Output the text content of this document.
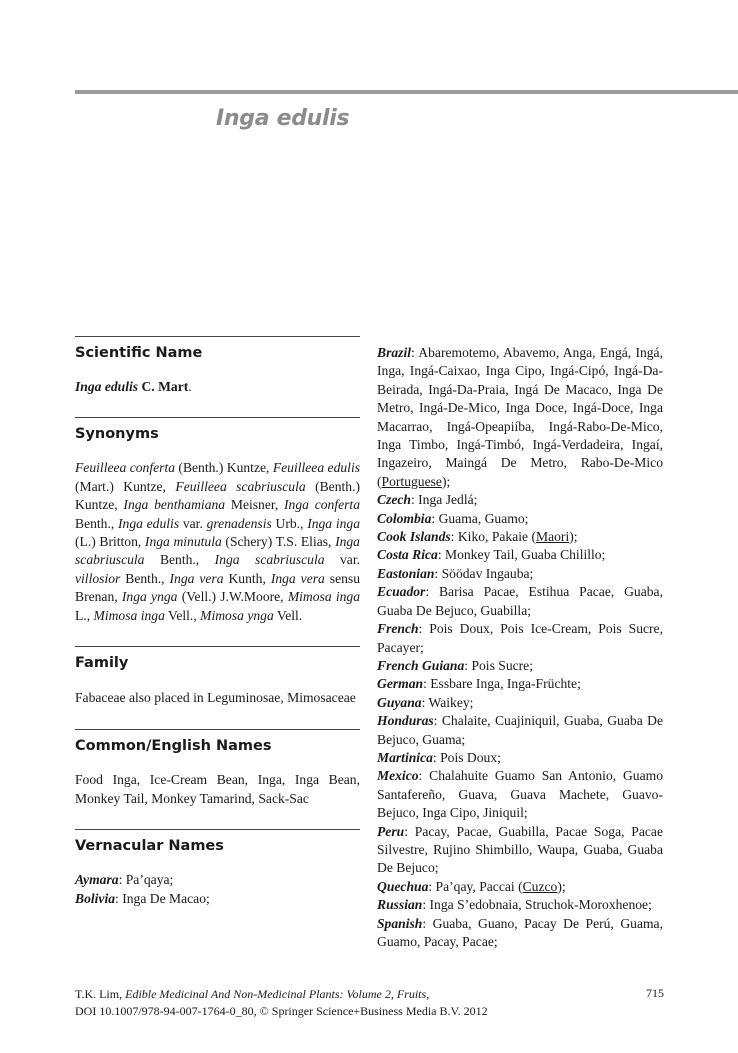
Inga edulis
Scientific Name

Inga edulis C. Mart.

Synonyms

Feuilleea conferta (Benth.) Kuntze, Feuilleea edulis (Mart.) Kuntze, Feuilleea scabriuscula (Benth.) Kuntze, Inga benthamiana Meisner, Inga conferta Benth., Inga edulis var. grenadensis Urb., Inga inga (L.) Britton, Inga minutula (Schery) T.S. Elias, Inga scabriuscula Benth., Inga scabriuscula var. villosior Benth., Inga vera Kunth, Inga vera sensu Brenan, Inga ynga (Vell.) J.W.Moore, Mimosa inga L., Mimosa inga Vell., Mimosa ynga Vell.

Family

Fabaceae also placed in Leguminosae, Mimosaceae

Common/English Names

Food Inga, Ice-Cream Bean, Inga, Inga Bean, Monkey Tail, Monkey Tamarind, Sack-Sac

Vernacular Names

Aymara: Pa’qaya;

Bolivia: Inga De Macao;

Brazil: Abaremotemo, Abavemo, Anga, Engá, Ingá, Inga, Ingá-Caixao, Inga Cipo, Ingá-Cipó, Ingá-Da-Beirada, Ingá-Da-Praia, Ingá De Macaco, Inga De Metro, Ingá-De-Mico, Inga Doce, Ingá-Doce, Inga Macarrao, Ingá-Opeapiíba, Ingá-Rabo-De-Mico, Inga Timbo, Ingá-Timbó, Ingá-Verdadeira, Ingaí, Ingazeiro, Maingá De Metro, Rabo-De-Mico (Portuguese);

Czech: Inga Jedlá;

Colombia: Guama, Guamo;

Cook Islands: Kiko, Pakaie (Maori);

Costa Rica: Monkey Tail, Guaba Chilillo;

Eastonian: Söödav Ingauba;

Ecuador: Barisa Pacae, Estihua Pacae, Guaba, Guaba De Bejuco, Guabilla;

French: Pois Doux, Pois Ice-Cream, Pois Sucre, Pacayer;

French Guiana: Pois Sucre;

German: Essbare Inga, Inga-Früchte;

Guyana: Waikey;

Honduras: Chalaite, Cuajiniquil, Guaba, Guaba De Bejuco, Guama;

Martinica: Pois Doux;

Mexico: Chalahuite Guamo San Antonio, Guamo Santafereño, Guava, Guava Machete, Guavo-Bejuco, Inga Cipo, Jiniquil;

Peru: Pacay, Pacae, Guabilla, Pacae Soga, Pacae Silvestre, Rujino Shimbillo, Waupa, Guaba, Guaba De Bejuco;

Quechua: Pa’qay, Paccai (Cuzco);

Russian: Inga S’edobnaia, Struchok-Moroxhenoe;

Spanish: Guaba, Guano, Pacay De Perú, Guama, Guamo, Pacay, Pacae;

T.K. Lim, Edible Medicinal And Non-Medicinal Plants: Volume 2, Fruits,
DOI 10.1007/978-94-007-1764-0_80, © Springer Science+Business Media B.V. 2012
715
